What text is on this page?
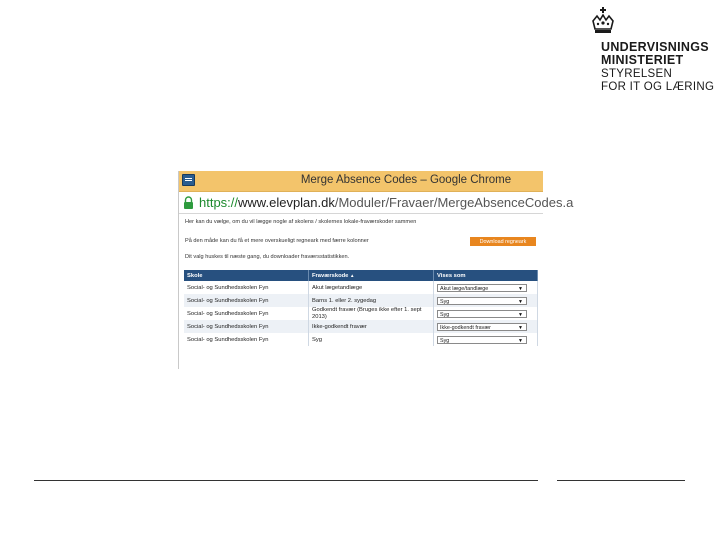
UNDERVISNINGS
MINISTERIET
STYRELSEN
FOR IT OG LÆRING
Merge Absence Codes – Google Chrome
https://www.elevplan.dk/Moduler/Fravaer/MergeAbsenceCodes.a
Her kan du vælge, om du vil lægge nogle af skolens / skolernes lokale-fraværskoder sammen
På den måde kan du få et mere overskueligt regneark med færre kolonner	Download regneark
Dit valg huskes til næste gang, du downloader fraværsstatistikken.
Skole	Fraværskode ▲	Vises som
Social- og Sundhedsskolen Fyn	Akut lægetandlæge	Akut læge/tandlæge ▼

Social- og Sundhedsskolen Fyn	Barns 1. eller 2. sygedag	Syg ▼

Social- og Sundhedsskolen Fyn	Godkendt fravær (Bruges ikke efter 1. sept 2013)	Syg ▼

Social- og Sundhedsskolen Fyn	Ikke-godkendt fravær	Ikke-godkendt fravær ▼

Social- og Sundhedsskolen Fyn	Syg	Syg ▼
